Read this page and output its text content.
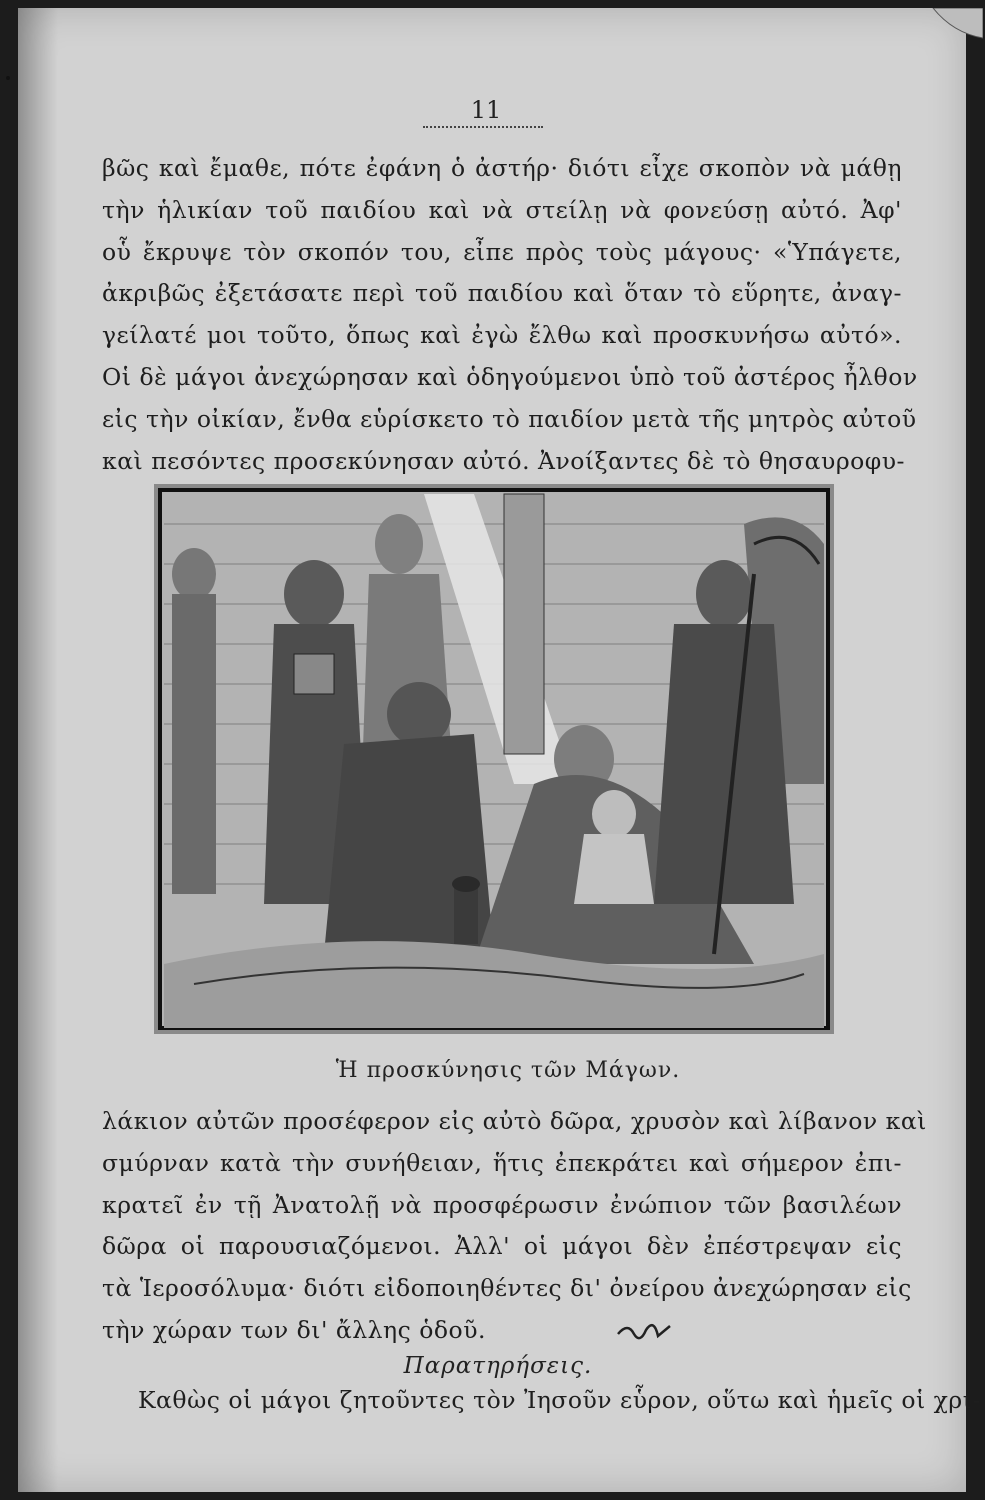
11
βῶς καὶ ἔμαθε, πότε ἐφάνη ὁ ἀστήρ· διότι εἶχε σκοπὸν νὰ μάθῃ
τὴν ἡλικίαν τοῦ παιδίου καὶ νὰ στείλῃ νὰ φονεύσῃ αὐτό. Ἀφ'
οὗ ἔκρυψε τὸν σκοπόν του, εἶπε πρὸς τοὺς μάγους· «Ὑπάγετε,
ἀκριβῶς ἐξετάσατε περὶ τοῦ παιδίου καὶ ὅταν τὸ εὕρητε, ἀναγ-
γείλατέ μοι τοῦτο, ὅπως καὶ ἐγὼ ἔλθω καὶ προσκυνήσω αὐτό».
Οἱ δὲ μάγοι ἀνεχώρησαν καὶ ὁδηγούμενοι ὑπὸ τοῦ ἀστέρος ἦλθον
εἰς τὴν οἰκίαν, ἔνθα εὑρίσκετο τὸ παιδίον μετὰ τῆς μητρὸς αὐτοῦ
καὶ πεσόντες προσεκύνησαν αὐτό. Ἀνοίξαντες δὲ τὸ θησαυροφυ-
Ἡ προσκύνησις τῶν Μάγων.
λάκιον αὐτῶν προσέφερον εἰς αὐτὸ δῶρα, χρυσὸν καὶ λίβανον καὶ
σμύρναν κατὰ τὴν συνήθειαν, ἥτις ἐπεκράτει καὶ σήμερον ἐπι-
κρατεῖ ἐν τῇ Ἀνατολῇ νὰ προσφέρωσιν ἐνώπιον τῶν βασιλέων
δῶρα οἱ παρουσιαζόμενοι. Ἀλλ' οἱ μάγοι δὲν ἐπέστρεψαν εἰς
τὰ Ἱεροσόλυμα· διότι εἰδοποιηθέντες δι' ὀνείρου ἀνεχώρησαν εἰς
τὴν χώραν των δι' ἄλλης ὁδοῦ.
Παρατηρήσεις.
Καθὼς οἱ μάγοι ζητοῦντες τὸν Ἰησοῦν εὗρον, οὕτω καὶ ἡμεῖς οἱ χρι-
